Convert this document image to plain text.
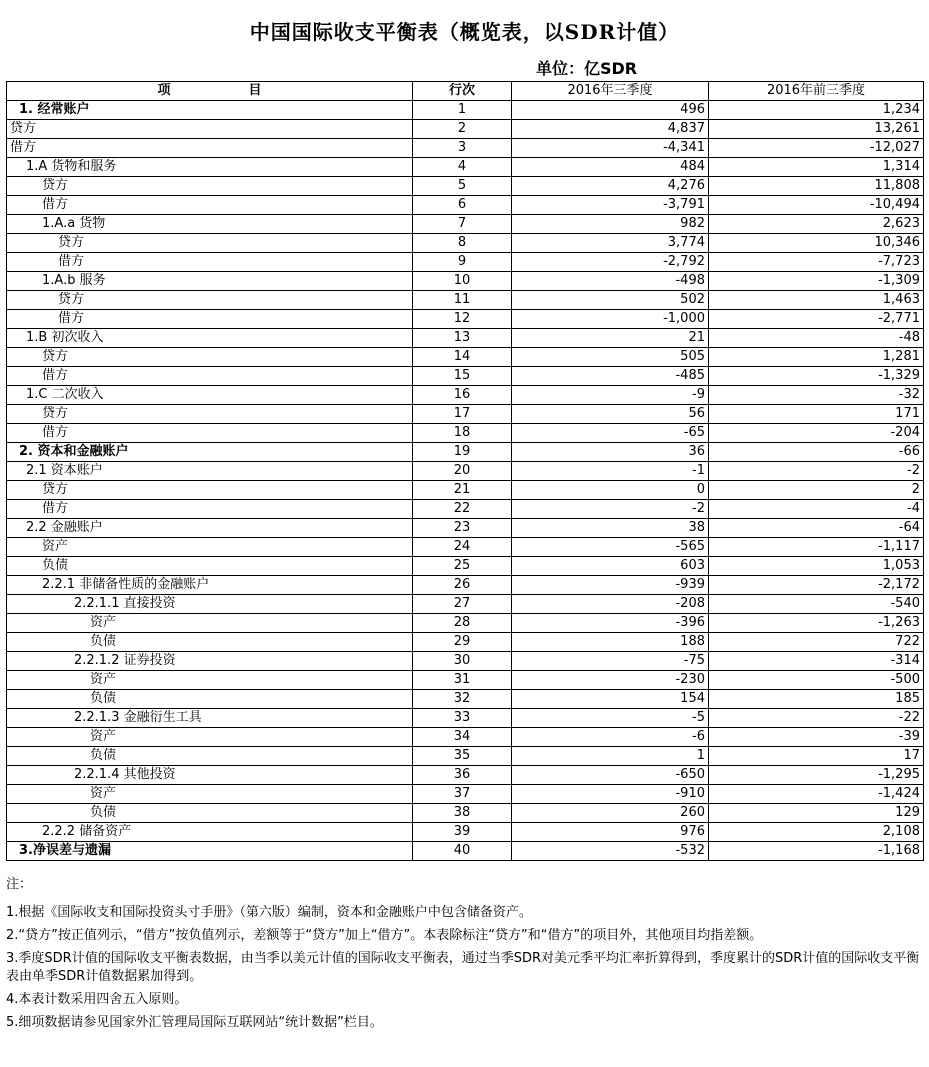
中国国际收支平衡表（概览表，以SDR计值）
单位：亿SDR
项　　　　　　目	行次	2016年三季度	2016年前三季度
1. 经常账户	1	496	1,234
贷方	2	4,837	13,261
借方	3	-4,341	-12,027
1.A 货物和服务	4	484	1,314
贷方	5	4,276	11,808
借方	6	-3,791	-10,494
1.A.a 货物	7	982	2,623
贷方	8	3,774	10,346
借方	9	-2,792	-7,723
1.A.b 服务	10	-498	-1,309
贷方	11	502	1,463
借方	12	-1,000	-2,771
1.B 初次收入	13	21	-48
贷方	14	505	1,281
借方	15	-485	-1,329
1.C 二次收入	16	-9	-32
贷方	17	56	171
借方	18	-65	-204
2. 资本和金融账户	19	36	-66
2.1 资本账户	20	-1	-2
贷方	21	0	2
借方	22	-2	-4
2.2 金融账户	23	38	-64
资产	24	-565	-1,117
负债	25	603	1,053
2.2.1 非储备性质的金融账户	26	-939	-2,172
2.2.1.1 直接投资	27	-208	-540
资产	28	-396	-1,263
负债	29	188	722
2.2.1.2 证券投资	30	-75	-314
资产	31	-230	-500
负债	32	154	185
2.2.1.3 金融衍生工具	33	-5	-22
资产	34	-6	-39
负债	35	1	17
2.2.1.4 其他投资	36	-650	-1,295
资产	37	-910	-1,424
负债	38	260	129
2.2.2 储备资产	39	976	2,108
3.净误差与遗漏	40	-532	-1,168
注：

1.根据《国际收支和国际投资头寸手册》（第六版）编制，资本和金融账户中包含储备资产。

2.“贷方”按正值列示，“借方”按负值列示，差额等于“贷方”加上“借方”。本表除标注“贷方”和“借方”的项目外，其他项目均指差额。

3.季度SDR计值的国际收支平衡表数据，由当季以美元计值的国际收支平衡表，通过当季SDR对美元季平均汇率折算得到，季度累计的SDR计值的国际收支平衡表由单季SDR计值数据累加得到。

4.本表计数采用四舍五入原则。

5.细项数据请参见国家外汇管理局国际互联网站“统计数据”栏目。
